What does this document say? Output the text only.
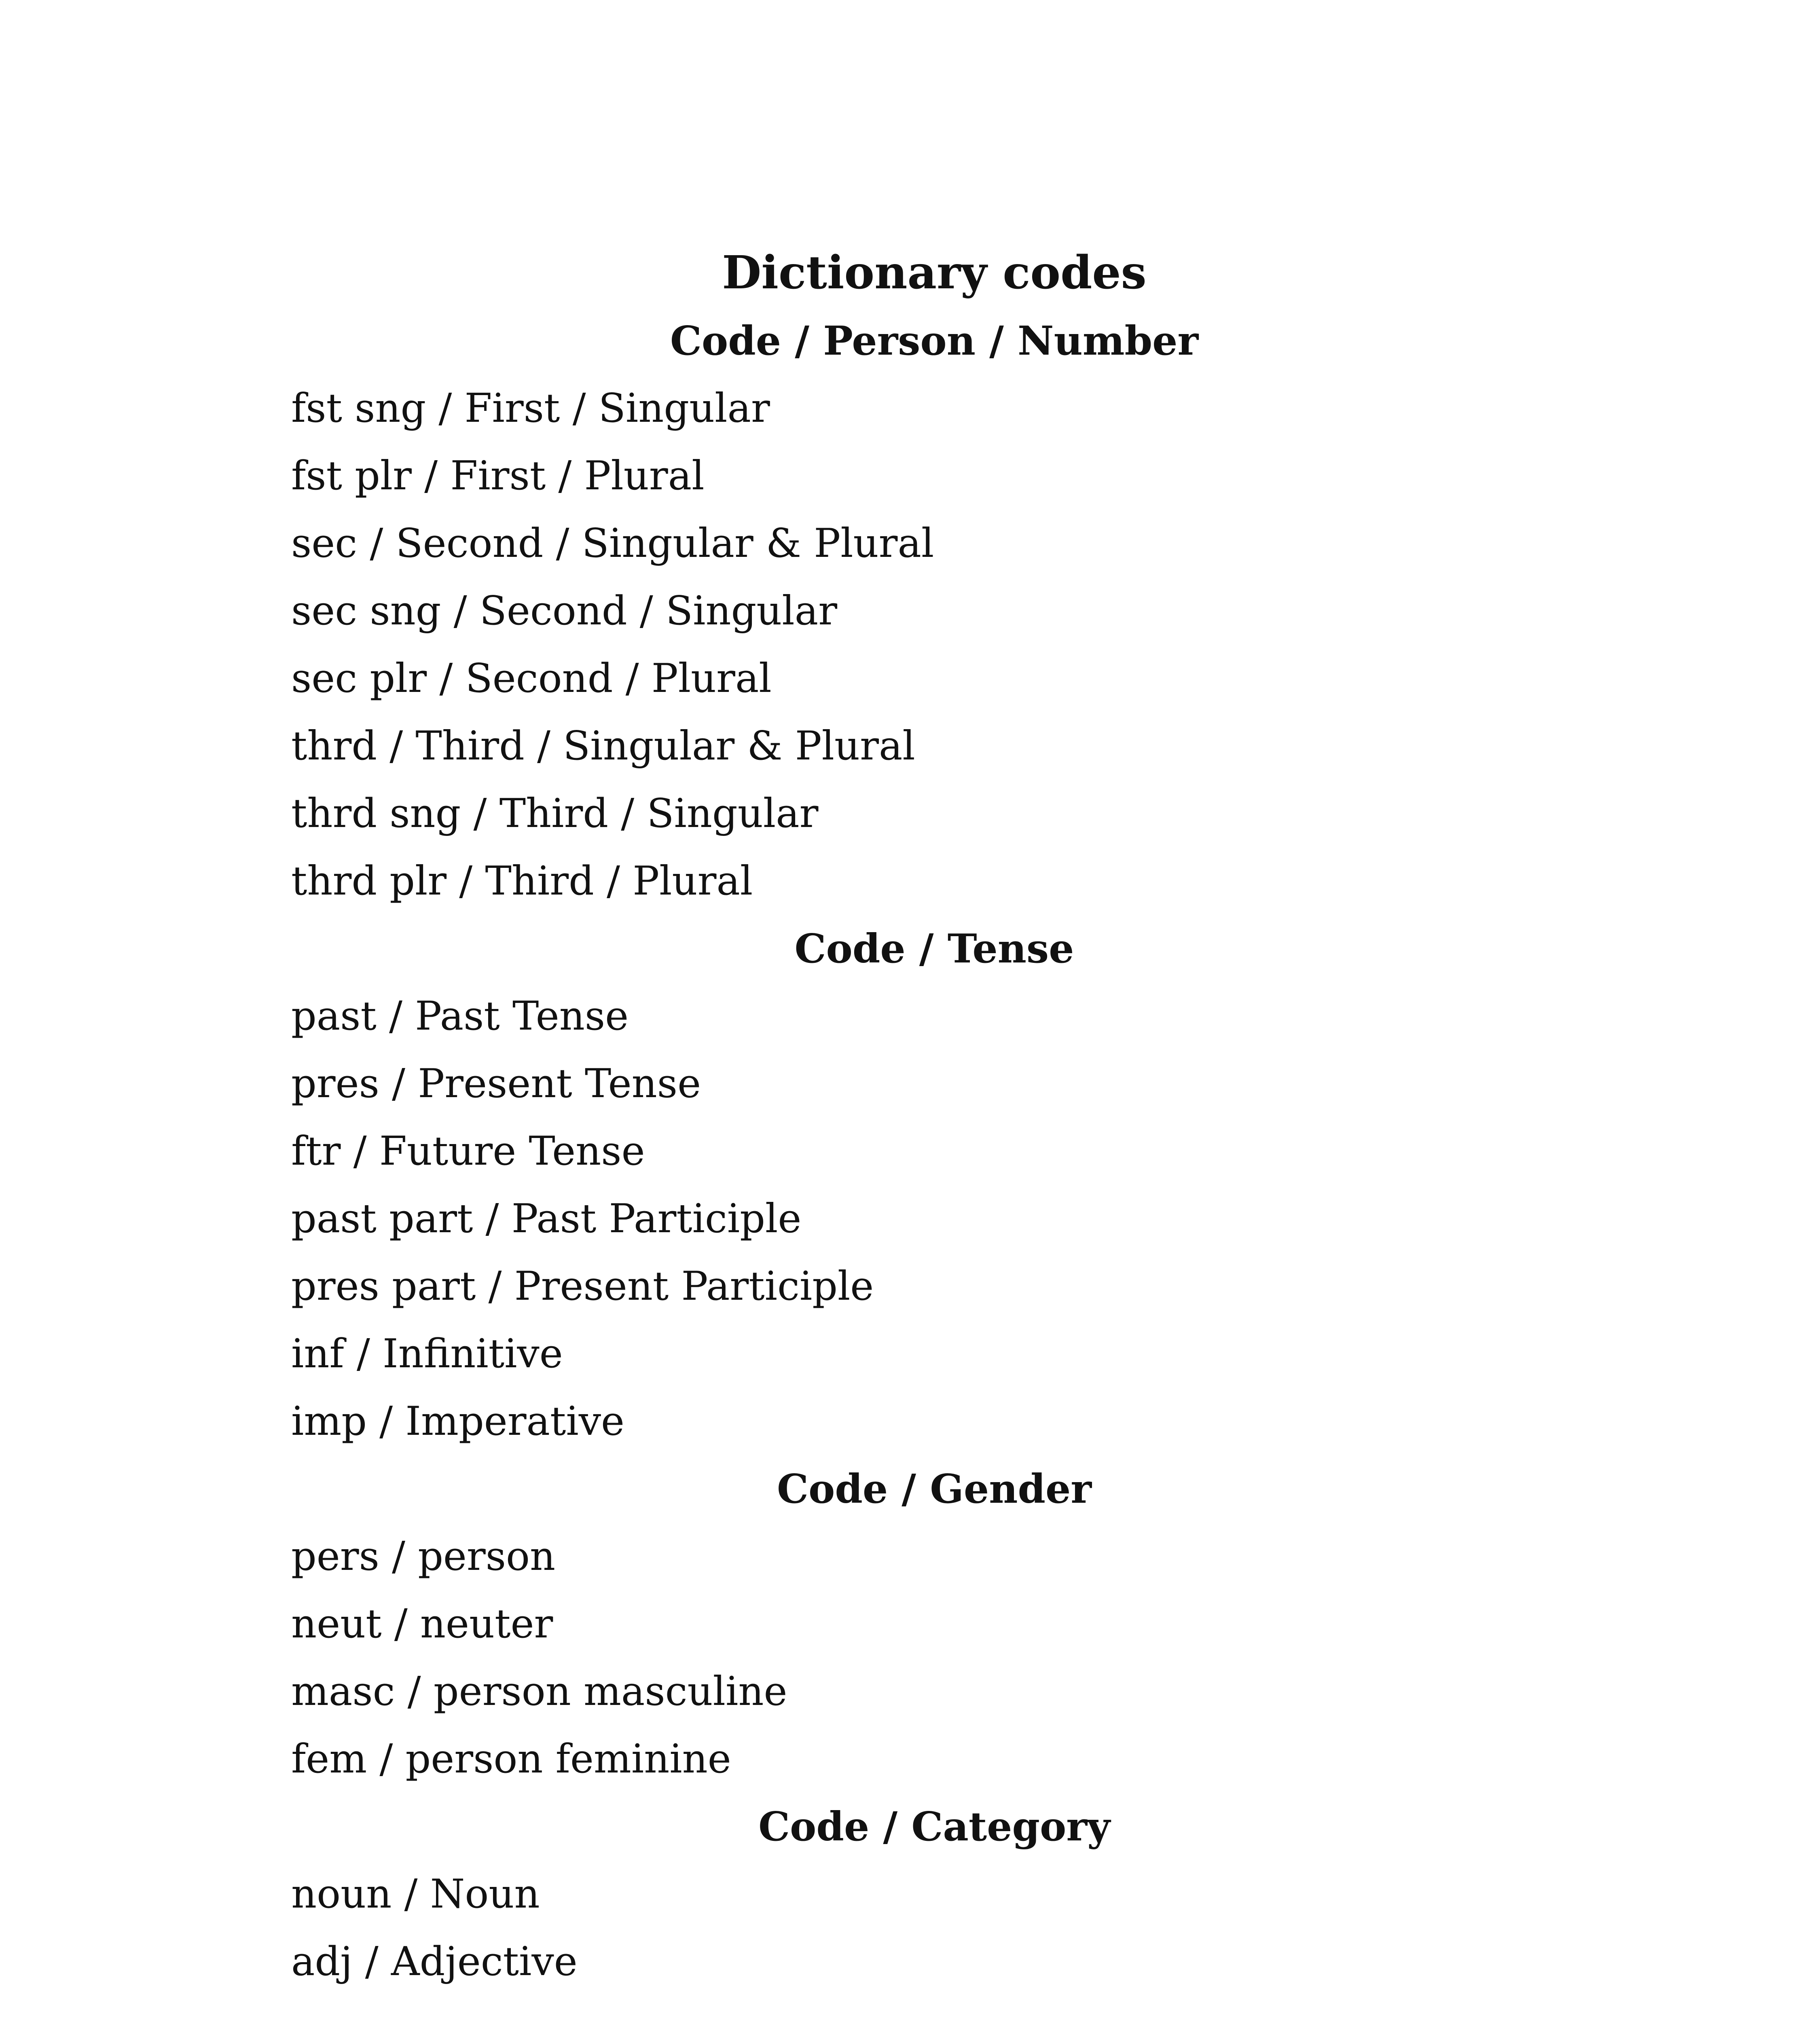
Dictionary codes
Code / Person / Number
fst sng / First / Singular
fst plr / First / Plural
sec / Second / Singular & Plural
sec sng / Second / Singular
sec plr / Second / Plural
thrd / Third / Singular & Plural
thrd sng / Third / Singular
thrd plr / Third / Plural
Code / Tense
past / Past Tense
pres / Present Tense
ftr / Future Tense
past part / Past Participle
pres part / Present Participle
inf / Infinitive
imp / Imperative
Code / Gender
pers / person
neut / neuter
masc / person masculine
fem / person feminine
Code / Category
noun / Noun
adj / Adjective
